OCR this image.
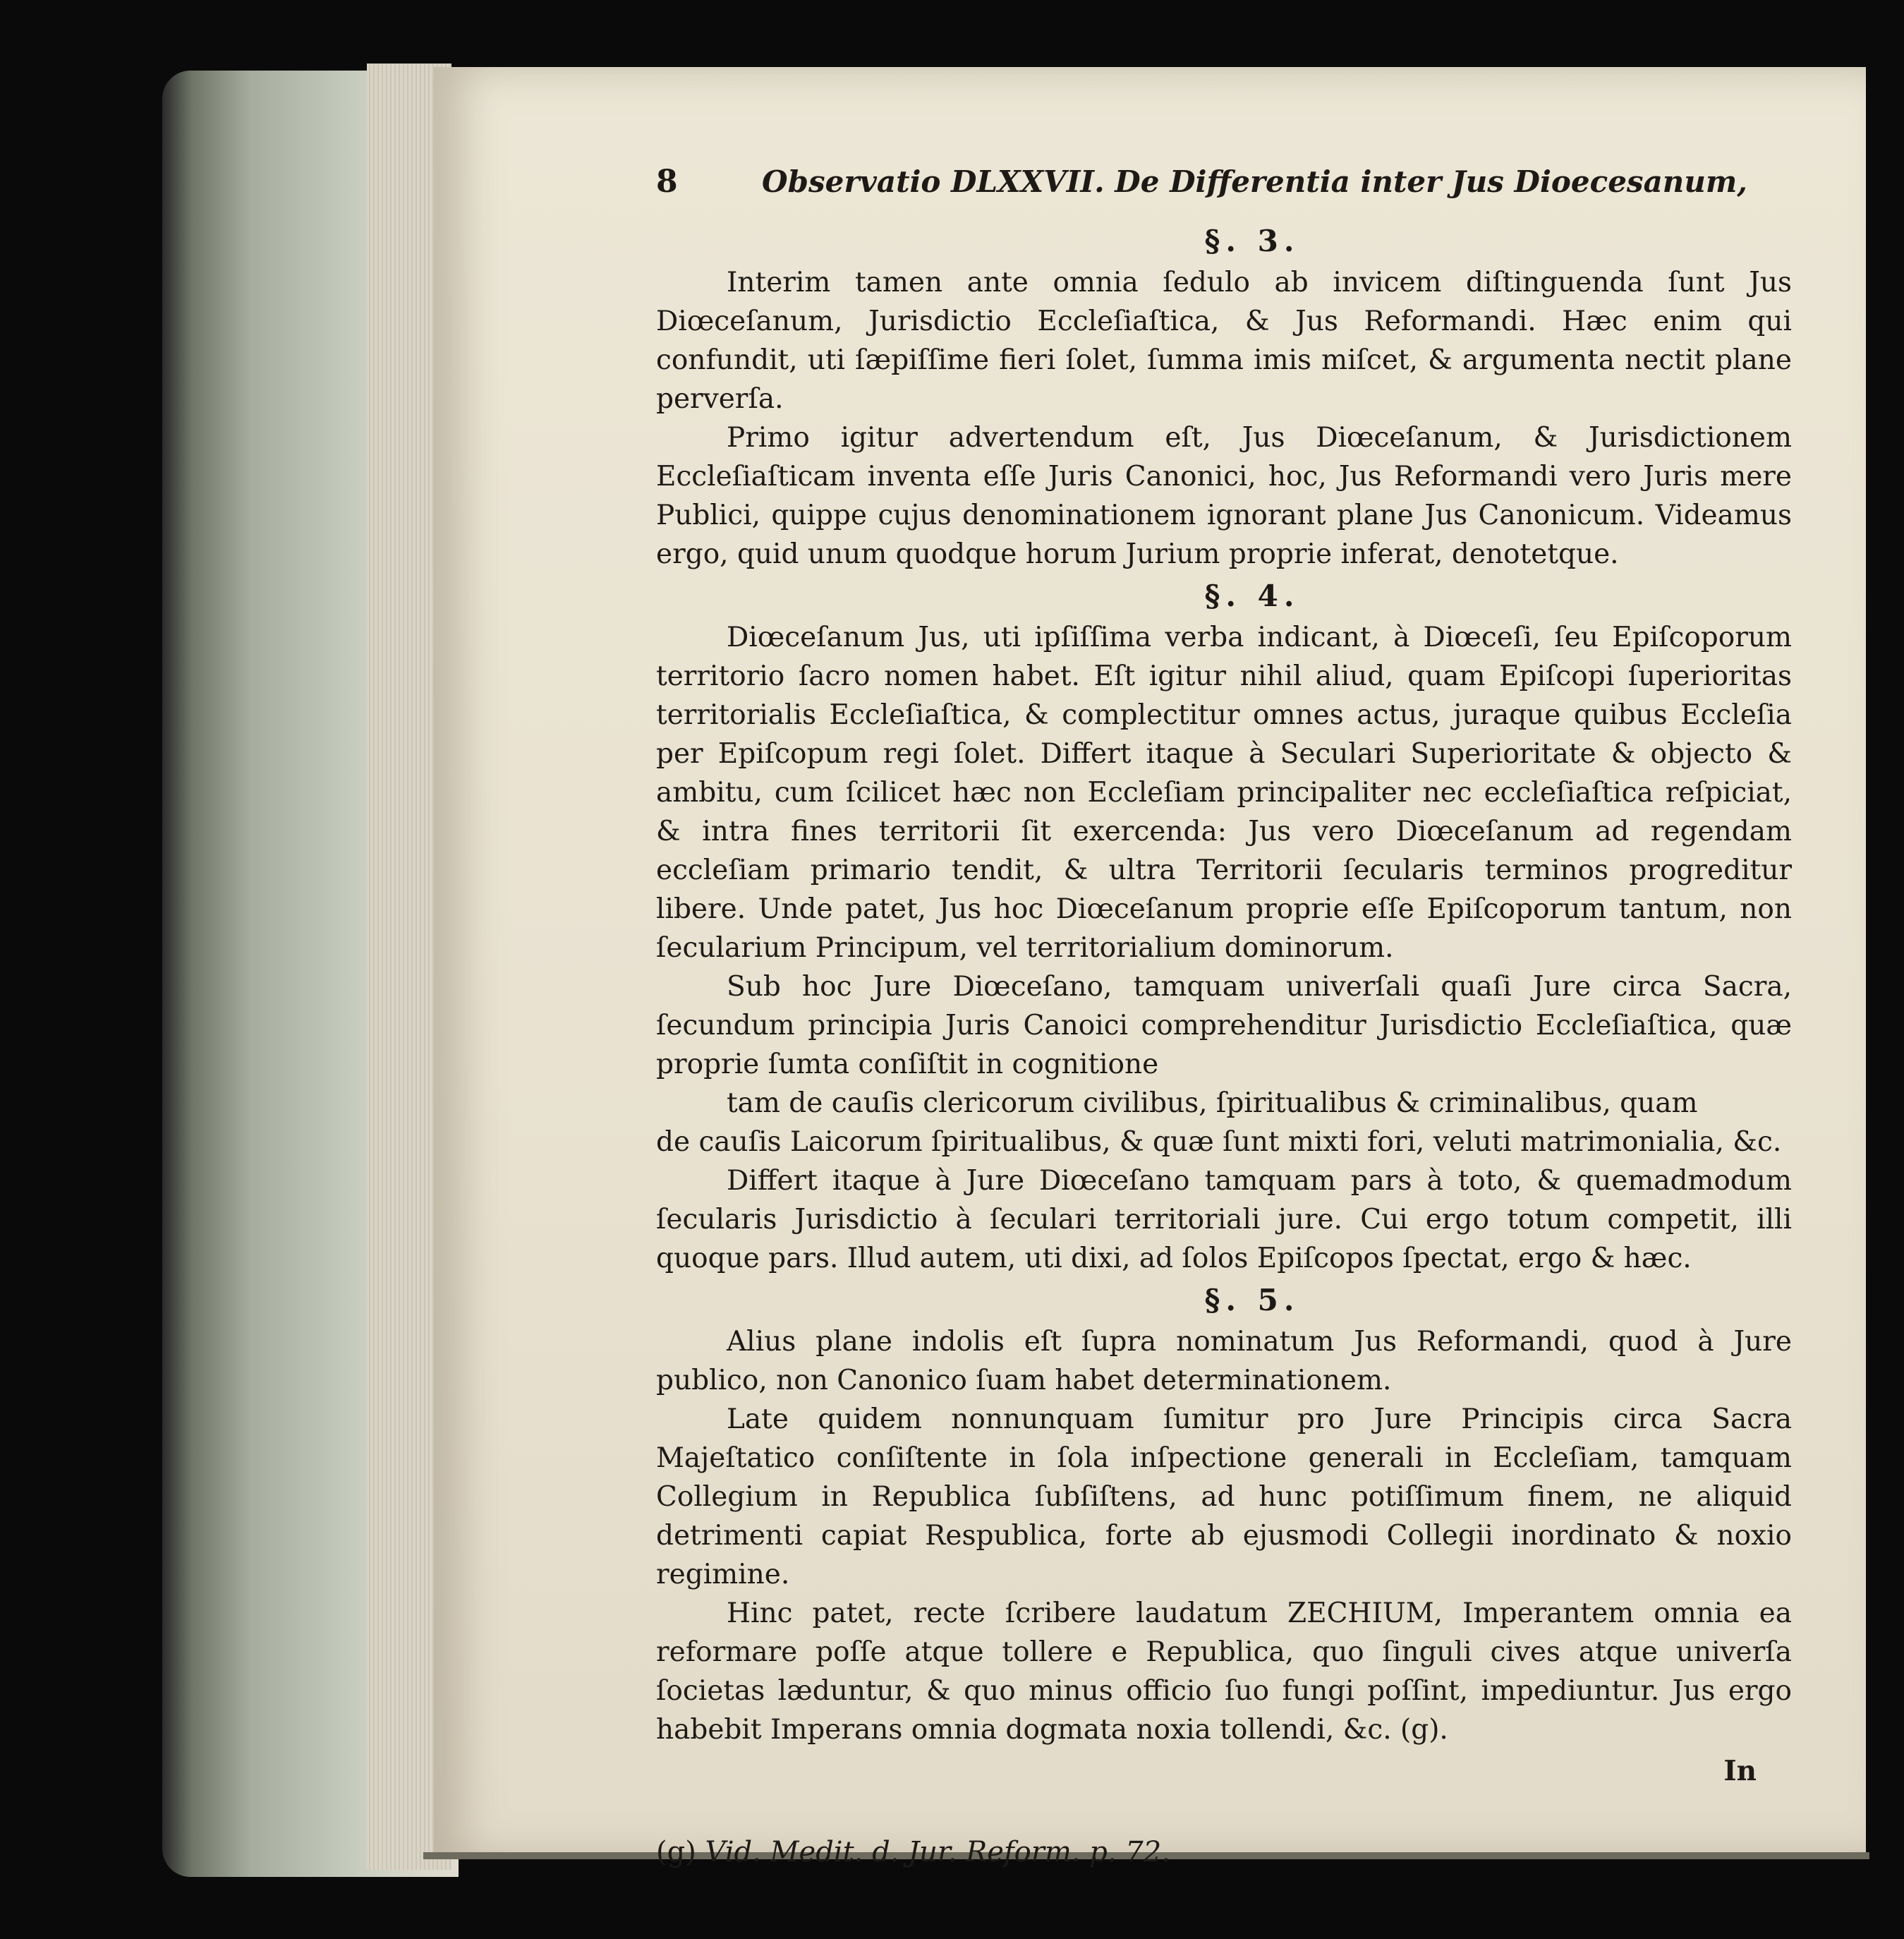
8	Observatio DLXXVII. De Differentia inter Jus Dioecesanum,
§. 3.

Interim tamen ante omnia ſedulo ab invicem diſtinguenda ſunt Jus Diœceſanum, Jurisdictio Eccleſiaſtica, & Jus Reformandi. Hæc enim qui confundit, uti ſæpiſſime fieri ſolet, ſumma imis miſcet, & argumenta nectit plane perverſa.

Primo igitur advertendum eſt, Jus Diœceſanum, & Jurisdictionem Eccleſiaſticam inventa eſſe Juris Canonici, hoc, Jus Reformandi vero Juris mere Publici, quippe cujus denominationem ignorant plane Jus Canonicum. Videamus ergo, quid unum quodque horum Jurium proprie inferat, denotetque.

§. 4.

Diœceſanum Jus, uti ipſiſſima verba indicant, à Diœceſi, ſeu Epiſcoporum territorio ſacro nomen habet. Eſt igitur nihil aliud, quam Epiſcopi ſuperioritas territorialis Eccleſiaſtica, & complectitur omnes actus, juraque quibus Eccleſia per Epiſcopum regi ſolet. Differt itaque à Seculari Superioritate & objecto & ambitu, cum ſcilicet hæc non Eccleſiam principaliter nec eccleſiaſtica reſpiciat, & intra fines territorii ſit exercenda: Jus vero Diœceſanum ad regendam eccleſiam primario tendit, & ultra Territorii ſecularis terminos progreditur libere. Unde patet, Jus hoc Diœceſanum proprie eſſe Epiſcoporum tantum, non ſecularium Principum, vel territorialium dominorum.

Sub hoc Jure Diœceſano, tamquam univerſali quaſi Jure circa Sacra, ſecundum principia Juris Canoici comprehenditur Jurisdictio Eccleſiaſtica, quæ proprie ſumta conſiſtit in cognitione

tam de cauſis clericorum civilibus, ſpiritualibus & criminalibus, quam

de cauſis Laicorum ſpiritualibus, & quæ ſunt mixti fori, veluti matrimonialia, &c.

Differt itaque à Jure Diœceſano tamquam pars à toto, & quemadmodum ſecularis Jurisdictio à ſeculari territoriali jure. Cui ergo totum competit, illi quoque pars. Illud autem, uti dixi, ad ſolos Epiſcopos ſpectat, ergo & hæc.

§. 5.

Alius plane indolis eſt ſupra nominatum Jus Reformandi, quod à Jure publico, non Canonico ſuam habet determinationem.

Late quidem nonnunquam ſumitur pro Jure Principis circa Sacra Majeſtatico conſiſtente in ſola inſpectione generali in Eccleſiam, tamquam Collegium in Republica ſubſiſtens, ad hunc potiſſimum finem, ne aliquid detrimenti capiat Respublica, forte ab ejusmodi Collegii inordinato & noxio regimine.

Hinc patet, recte ſcribere laudatum ZECHIUM, Imperantem omnia ea reformare poſſe atque tollere e Republica, quo ſinguli cives atque univerſa ſocietas læduntur, & quo minus officio ſuo fungi poſſint, impediuntur. Jus ergo habebit Imperans omnia dogmata noxia tollendi, &c. (g).

In
(g) Vid. Medit. d. Jur. Reform. p. 72.
